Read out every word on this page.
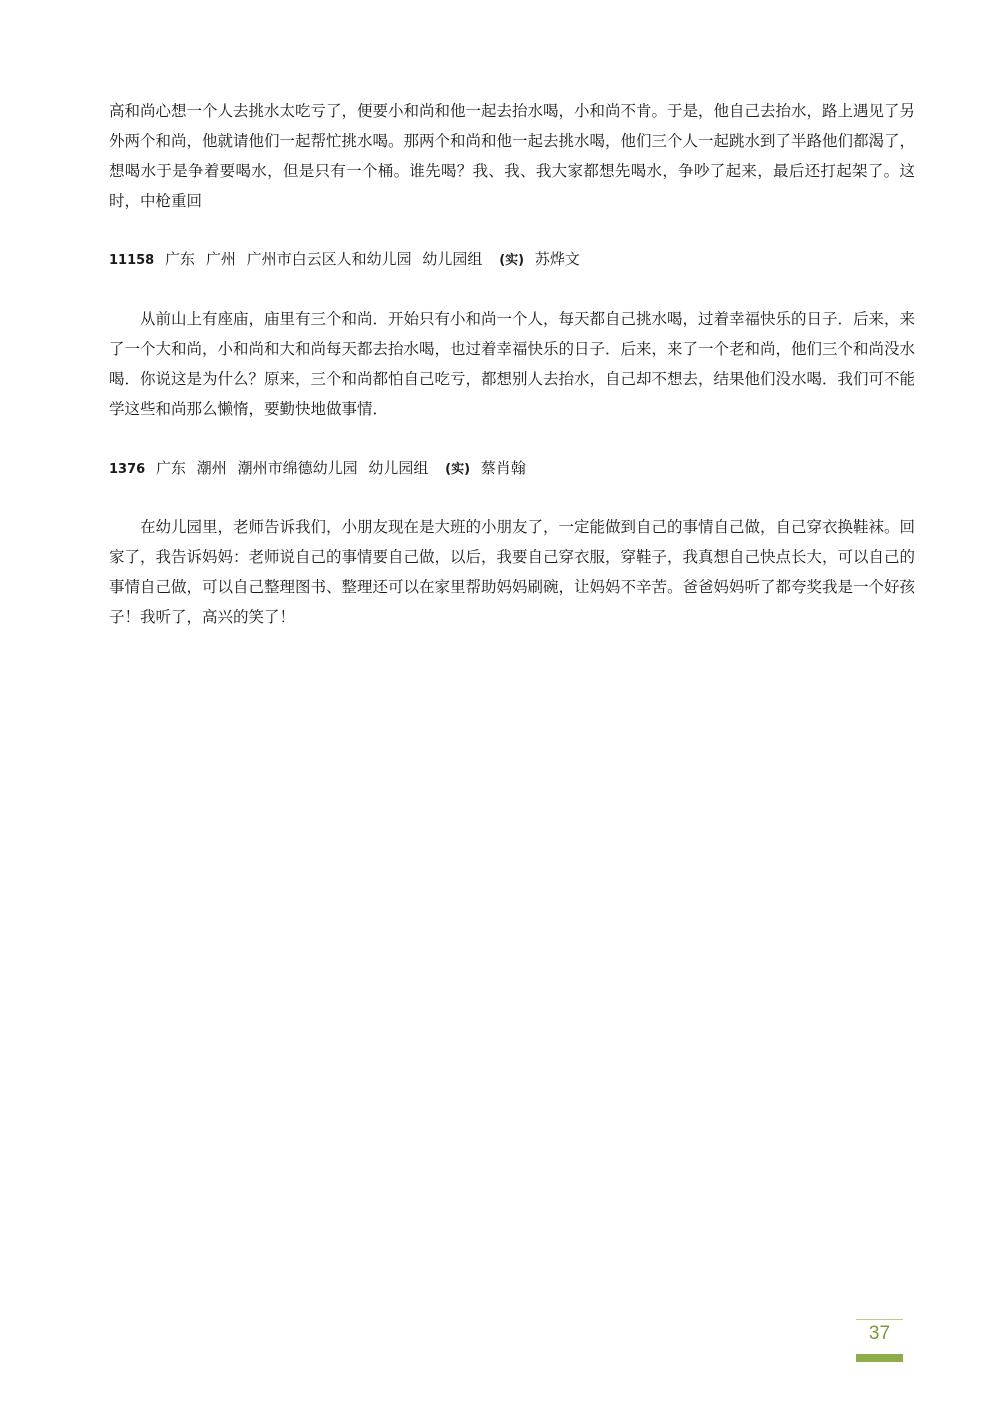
高和尚心想一个人去挑水太吃亏了，便要小和尚和他一起去抬水喝，小和尚不肯。于是，他自己去抬水，路上遇见了另外两个和尚，他就请他们一起帮忙挑水喝。那两个和尚和他一起去挑水喝，他们三个人一起跳水到了半路他们都渴了，想喝水于是争着要喝水，但是只有一个桶。谁先喝？我、我、我大家都想先喝水，争吵了起来，最后还打起架了。这时，中枪重回

11158 广东 广州 广州市白云区人和幼儿园 幼儿园组 (实) 苏烨文

从前山上有座庙，庙里有三个和尚．开始只有小和尚一个人，每天都自己挑水喝，过着幸福快乐的日子．后来，来了一个大和尚，小和尚和大和尚每天都去抬水喝，也过着幸福快乐的日子．后来，来了一个老和尚，他们三个和尚没水喝．你说这是为什么？原来，三个和尚都怕自己吃亏，都想别人去抬水，自己却不想去，结果他们没水喝．我们可不能学这些和尚那么懒惰，要勤快地做事情．

1376 广东 潮州 潮州市绵德幼儿园 幼儿园组 (实) 蔡肖翰

在幼儿园里，老师告诉我们，小朋友现在是大班的小朋友了，一定能做到自己的事情自己做，自己穿衣换鞋袜。回家了，我告诉妈妈：老师说自己的事情要自己做，以后，我要自己穿衣服，穿鞋子，我真想自己快点长大，可以自己的事情自己做，可以自己整理图书、整理还可以在家里帮助妈妈刷碗，让妈妈不辛苦。爸爸妈妈听了都夸奖我是一个好孩子！我听了，高兴的笑了！

37
